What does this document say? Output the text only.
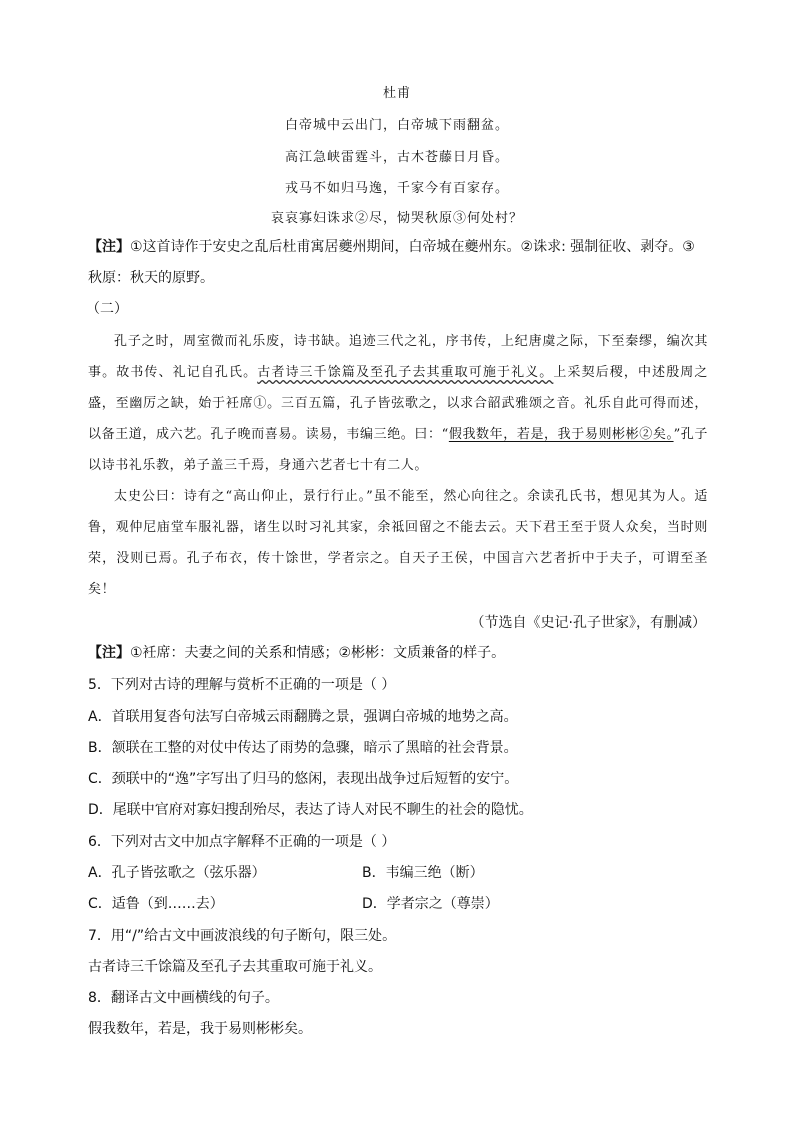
杜甫
白帝城中云出门，白帝城下雨翻盆。
高江急峡雷霆斗，古木苍藤日月昏。
戎马不如归马逸，千家今有百家存。
哀哀寡妇诛求②尽，恸哭秋原③何处村？
【注】①这首诗作于安史之乱后杜甫寓居夔州期间，白帝城在夔州东。②诛求: 强制征收、剥夺。③
秋原：秋天的原野。
（二）
孔子之时，周室微而礼乐废，诗书缺。追迹三代之礼，序书传，上纪唐虞之际，下至秦缪，编次其事。故书传、礼记自孔氏。古者诗三千馀篇及至孔子去其重取可施于礼义。上采契后稷，中述殷周之盛，至幽厉之缺，始于衽席①。三百五篇，孔子皆弦歌之，以求合韶武雅颂之音。礼乐自此可得而述，以备王道，成六艺。孔子晚而喜易。读易，韦编三绝。曰：“假我数年，若是，我于易则彬彬②矣。”孔子以诗书礼乐教，弟子盖三千焉，身通六艺者七十有二人。
太史公曰：诗有之“高山仰止，景行行止。”虽不能至，然心向往之。余读孔氏书，想见其为人。适鲁，观仲尼庙堂车服礼器，诸生以时习礼其家，余祗回留之不能去云。天下君王至于贤人众矣，当时则荣，没则已焉。孔子布衣，传十馀世，学者宗之。自天子王侯，中国言六艺者折中于夫子，可谓至圣矣！
（节选自《史记·孔子世家》，有删减）
【注】①衽席：夫妻之间的关系和情感；②彬彬：文质兼备的样子。
5．下列对古诗的理解与赏析不正确的一项是（ ）
A．首联用复沓句法写白帝城云雨翻腾之景，强调白帝城的地势之高。
B．颔联在工整的对仗中传达了雨势的急骤，暗示了黑暗的社会背景。
C．颈联中的“逸”字写出了归马的悠闲，表现出战争过后短暂的安宁。
D．尾联中官府对寡妇搜刮殆尽，表达了诗人对民不聊生的社会的隐忧。
6．下列对古文中加点字解释不正确的一项是（ ）
A．孔子皆弦歌之（弦乐器）	B．韦编三绝（断）
C．适鲁（到……去）	D．学者宗之（尊崇）
7．用“/”给古文中画波浪线的句子断句，限三处。
古者诗三千馀篇及至孔子去其重取可施于礼义。
8．翻译古文中画横线的句子。
假我数年，若是，我于易则彬彬矣。
